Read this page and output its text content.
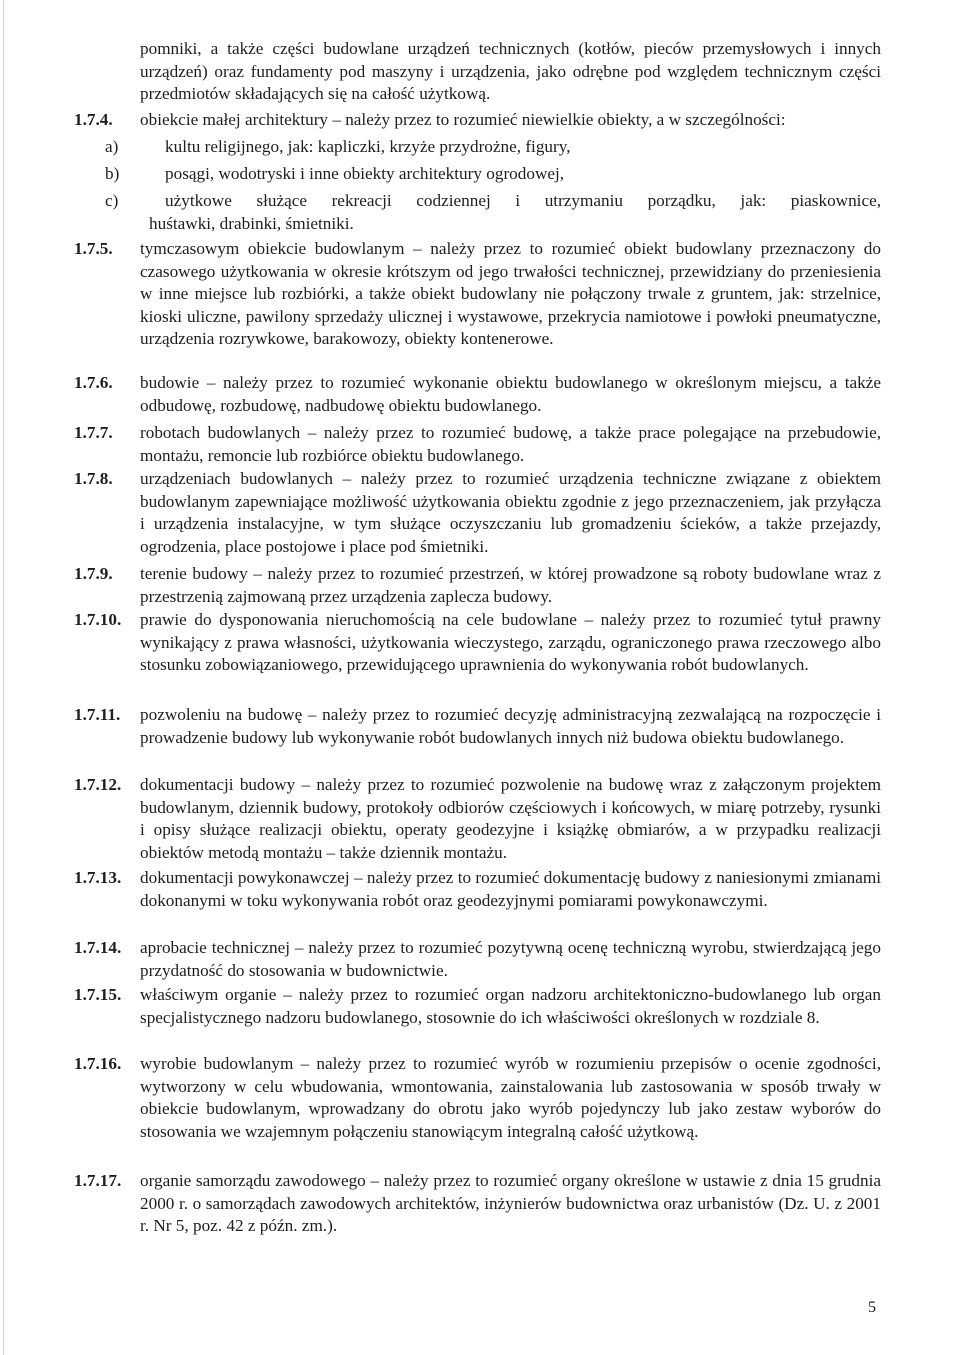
pomniki, a także części budowlane urządzeń technicznych (kotłów, pieców przemysłowych i innych urządzeń) oraz fundamenty pod maszyny i urządzenia, jako odrębne pod względem technicznym części przedmiotów składających się na całość użytkową.
1.7.4. obiekcie małej architektury – należy przez to rozumieć niewielkie obiekty, a w szczególności:
a)	kultu religijnego, jak: kapliczki, krzyże przydrożne, figury,
b)	posągi, wodotryski i inne obiekty architektury ogrodowej,
c)	użytkowe służące rekreacji codziennej i utrzymaniu porządku, jak: piaskownice,
huśtawki, drabinki, śmietniki.
1.7.5. tymczasowym obiekcie budowlanym – należy przez to rozumieć obiekt budowlany przeznaczony do czasowego użytkowania w okresie krótszym od jego trwałości technicznej, przewidziany do przeniesienia w inne miejsce lub rozbiórki, a także obiekt budowlany nie połączony trwale z gruntem, jak: strzelnice, kioski uliczne, pawilony sprzedaży ulicznej i wystawowe, przekrycia namiotowe i powłoki pneumatyczne, urządzenia rozrywkowe, barakowozy, obiekty kontenerowe.
1.7.6. budowie – należy przez to rozumieć wykonanie obiektu budowlanego w określonym miejscu, a także odbudowę, rozbudowę, nadbudowę obiektu budowlanego.
1.7.7. robotach budowlanych – należy przez to rozumieć budowę, a także prace polegające na przebudowie, montażu, remoncie lub rozbiórce obiektu budowlanego.
1.7.8. urządzeniach budowlanych – należy przez to rozumieć urządzenia techniczne związane z obiektem budowlanym zapewniające możliwość użytkowania obiektu zgodnie z jego przeznaczeniem, jak przyłącza i urządzenia instalacyjne, w tym służące oczyszczaniu lub gromadzeniu ścieków, a także przejazdy, ogrodzenia, place postojowe i place pod śmietniki.
1.7.9. terenie budowy – należy przez to rozumieć przestrzeń, w której prowadzone są roboty budowlane wraz z przestrzenią zajmowaną przez urządzenia zaplecza budowy.
1.7.10. prawie do dysponowania nieruchomością na cele budowlane – należy przez to rozumieć tytuł prawny wynikający z prawa własności, użytkowania wieczystego, zarządu, ograniczonego prawa rzeczowego albo stosunku zobowiązaniowego, przewidującego uprawnienia do wykonywania robót budowlanych.
1.7.11. pozwoleniu na budowę – należy przez to rozumieć decyzję administracyjną zezwalającą na rozpoczęcie i prowadzenie budowy lub wykonywanie robót budowlanych innych niż budowa obiektu budowlanego.
1.7.12. dokumentacji budowy – należy przez to rozumieć pozwolenie na budowę wraz z załączonym projektem budowlanym, dziennik budowy, protokoły odbiorów częściowych i końcowych, w miarę potrzeby, rysunki i opisy służące realizacji obiektu, operaty geodezyjne i książkę obmiarów, a w przypadku realizacji obiektów metodą montażu – także dziennik montażu.
1.7.13. dokumentacji powykonawczej – należy przez to rozumieć dokumentację budowy z naniesionymi zmianami dokonanymi w toku wykonywania robót oraz geodezyjnymi pomiarami powykonawczymi.
1.7.14. aprobacie technicznej – należy przez to rozumieć pozytywną ocenę techniczną wyrobu, stwierdzającą jego przydatność do stosowania w budownictwie.
1.7.15. właściwym organie – należy przez to rozumieć organ nadzoru architektoniczno-budowlanego lub organ specjalistycznego nadzoru budowlanego, stosownie do ich właściwości określonych w rozdziale 8.
1.7.16. wyrobie budowlanym – należy przez to rozumieć wyrób w rozumieniu przepisów o ocenie zgodności, wytworzony w celu wbudowania, wmontowania, zainstalowania lub zastosowania w sposób trwały w obiekcie budowlanym, wprowadzany do obrotu jako wyrób pojedynczy lub jako zestaw wyborów do stosowania we wzajemnym połączeniu stanowiącym integralną całość użytkową.
1.7.17. organie samorządu zawodowego – należy przez to rozumieć organy określone w ustawie z dnia 15 grudnia 2000 r. o samorządach zawodowych architektów, inżynierów budownictwa oraz urbanistów (Dz. U. z 2001 r. Nr 5, poz. 42 z późn. zm.).
5
